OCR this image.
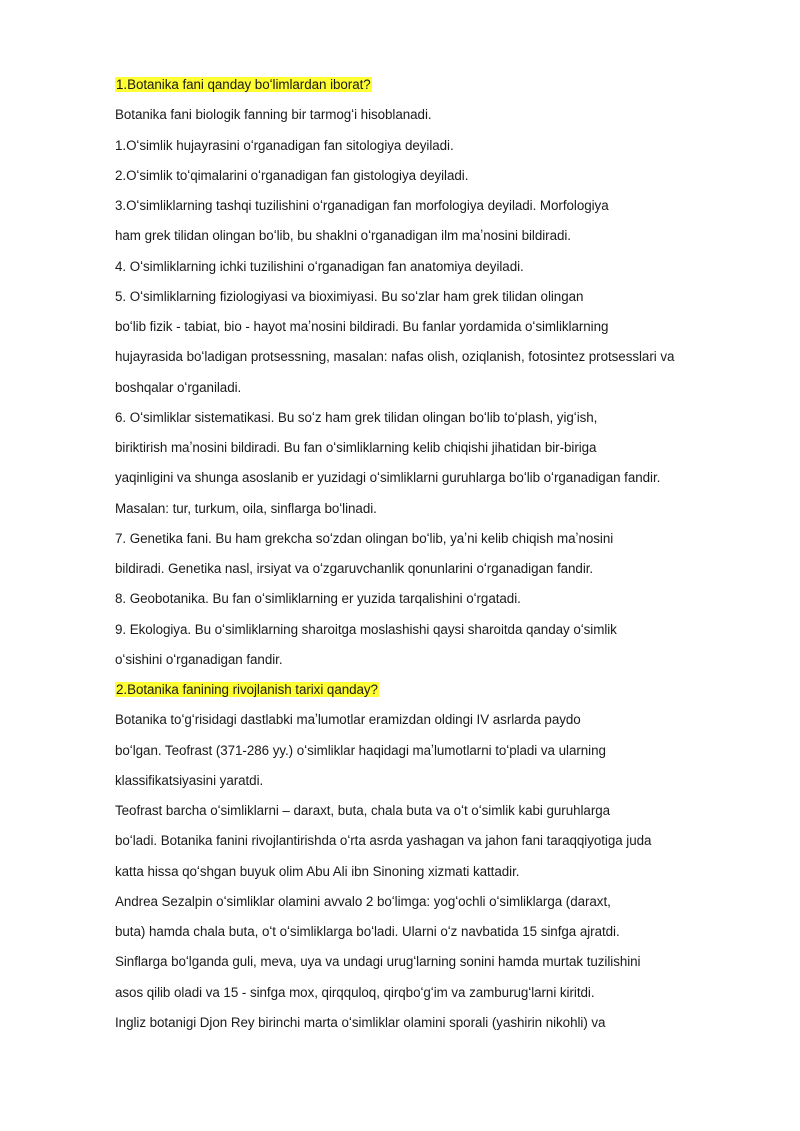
1.Botanika fani qanday boʻlimlardan iborat?
Botanika fani biologik fanning bir tarmogʻi hisoblanadi.
1.Oʻsimlik hujayrasini oʻrganadigan fan sitologiya deyiladi.
2.Oʻsimlik toʻqimalarini oʻrganadigan fan gistologiya deyiladi.
3.Oʻsimliklarning tashqi tuzilishini oʻrganadigan fan morfologiya deyiladi. Morfologiya
ham grek tilidan olingan boʻlib, bu shaklni oʻrganadigan ilm maʼnosini bildiradi.
4. Oʻsimliklarning ichki tuzilishini oʻrganadigan fan anatomiya deyiladi.
5. Oʻsimliklarning fiziologiyasi va bioximiyasi. Bu soʻzlar ham grek tilidan olingan
boʻlib fizik - tabiat, bio - hayot maʼnosini bildiradi. Bu fanlar yordamida oʻsimliklarning
hujayrasida boʻladigan protsessning, masalan: nafas olish, oziqlanish, fotosintez protsesslari va
boshqalar oʻrganiladi.
6. Oʻsimliklar sistematikasi. Bu soʻz ham grek tilidan olingan boʻlib toʻplash, yigʻish,
biriktirish maʼnosini bildiradi. Bu fan oʻsimliklarning kelib chiqishi jihatidan bir-biriga
yaqinligini va shunga asoslanib er yuzidagi oʻsimliklarni guruhlarga boʻlib oʻrganadigan fandir.
Masalan: tur, turkum, oila, sinflarga boʻlinadi.
7. Genetika fani. Bu ham grekcha soʻzdan olingan boʻlib, yaʼni kelib chiqish maʼnosini
bildiradi. Genetika nasl, irsiyat va oʻzgaruvchanlik qonunlarini oʻrganadigan fandir.
8. Geobotanika. Bu fan oʻsimliklarning er yuzida tarqalishini oʻrgatadi.
9. Ekologiya. Bu oʻsimliklarning sharoitga moslashishi qaysi sharoitda qanday oʻsimlik
oʻsishini oʻrganadigan fandir.
2.Botanika fanining rivojlanish tarixi qanday?
Botanika toʻgʻrisidagi dastlabki maʼlumotlar eramizdan oldingi IV asrlarda paydo
boʻlgan. Teofrast (371-286 yy.) oʻsimliklar haqidagi maʼlumotlarni toʻpladi va ularning
klassifikatsiyasini yaratdi.
Teofrast barcha oʻsimliklarni – daraxt, buta, chala buta va oʻt oʻsimlik kabi guruhlarga
boʻladi. Botanika fanini rivojlantirishda oʻrta asrda yashagan va jahon fani taraqqiyotiga juda
katta hissa qoʻshgan buyuk olim Abu Ali ibn Sinoning xizmati kattadir.
Andrea Sezalpin oʻsimliklar olamini avvalo 2 boʻlimga: yogʻochli oʻsimliklarga (daraxt,
buta) hamda chala buta, oʻt oʻsimliklarga boʻladi. Ularni oʻz navbatida 15 sinfga ajratdi.
Sinflarga boʻlganda guli, meva, uya va undagi urugʻlarning sonini hamda murtak tuzilishini
asos qilib oladi va 15 - sinfga mox, qirqquloq, qirqboʻgʻim va zamburugʻlarni kiritdi.
Ingliz botanigi Djon Rey birinchi marta oʻsimliklar olamini sporali (yashirin nikohli) va
